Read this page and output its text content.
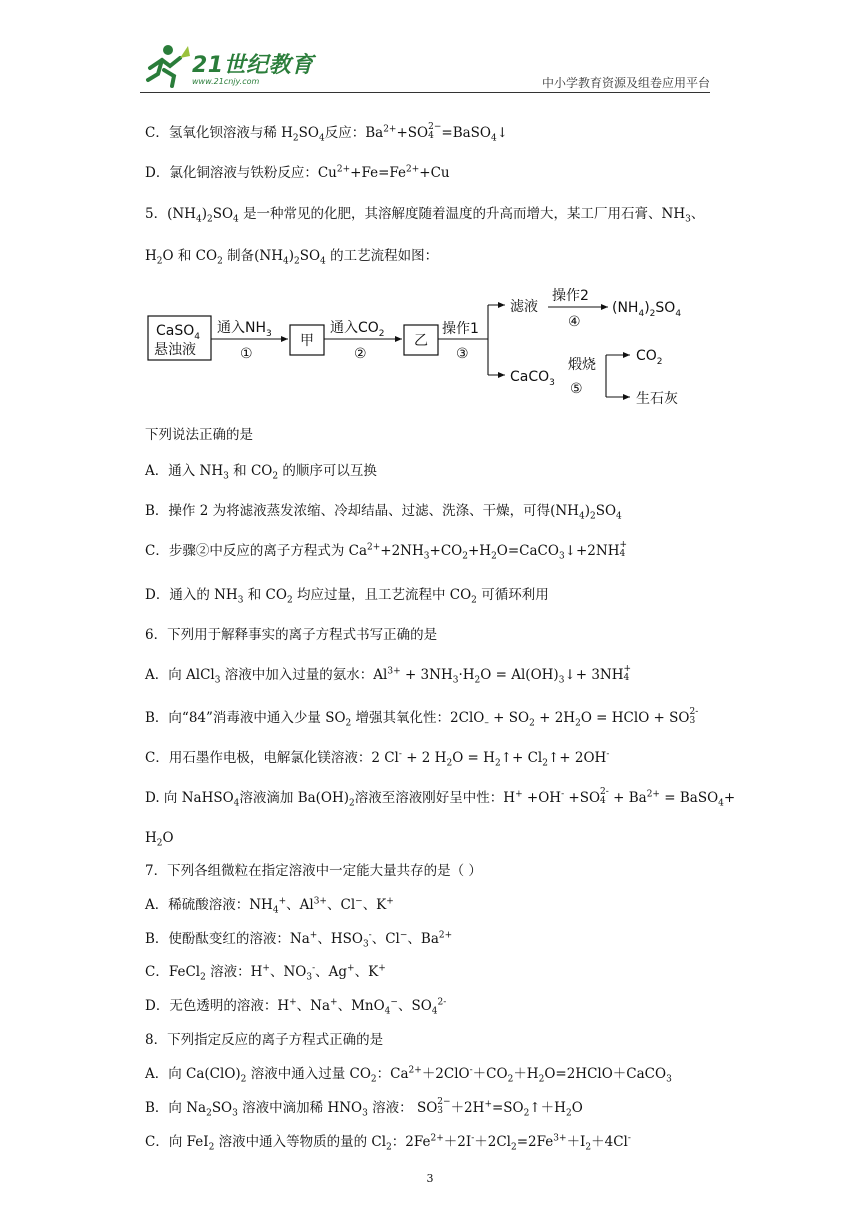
21世纪教育
www.21cnjy.com	中小学教育资源及组卷应用平台
C．氢氧化钡溶液与稀 $H_2SO_4$反应：$Ba^{2+}+SO$ 2−
4 =BaSO$_4$↓
D．氯化铜溶液与铁粉反应：$Cu^{2+}+Fe=Fe^{2+}+Cu$
5．$(NH_4)_2SO_4$ 是一种常见的化肥，其溶解度随着温度的升高而增大，某工厂用石膏、$NH_3$、
$H_2O$ 和 $CO_2$ 制备$(NH_4)_2SO_4$ 的工艺流程如图：
CaSO$_4$
悬浊液
通入$NH_3$
①
甲
通入$CO_2$
②
乙
操作1
③
滤液
操作2
④
$(NH_4)_2SO_4$
CaCO$_3$
煅烧
⑤
$CO_2$
生石灰
下列说法正确的是
A．通入 $NH_3$ 和 $CO_2$ 的顺序可以互换
B．操作 2 为将滤液蒸发浓缩、冷却结晶、过滤、洗涤、干燥，可得$(NH_4)_2SO_4$
C．步骤②中反应的离子方程式为 $Ca^{2+}+2NH_3+CO_2+H_2O=CaCO_3↓+2NH$ +
4
D．通入的 $NH_3$ 和 $CO_2$ 均应过量，且工艺流程中 $CO_2$ 可循环利用
6．下列用于解释事实的离子方程式书写正确的是
A．向 AlCl$_3$ 溶液中加入过量的氨水：$Al^{3+} + 3NH_3\cdot H_2O$ = $Al(OH)_3↓+ 3NH$ +
4
B．向“84”消毒液中通入少量 $SO_2$ 增强其氧化性：$2ClO_- + SO_2 + 2H_2O$ = HClO + SO 2-
3
C．用石墨作电极，电解氯化镁溶液：2 Cl- + 2 $H_2O$ = $H_2↑+$ $Cl_2↑+ 2OH^-$
D. 向 NaHSO$_4$溶液滴加 $Ba(OH)_2$溶液至溶液刚好呈中性：H+ +OH- +SO 2-
$4 + Ba^{2+}$ = BaSO$_4$+
$H_2O$
7．下列各组微粒在指定溶液中一定能大量共存的是（ ）
A．稀硫酸溶液：$NH_4^+$、$Al^{3+}$、Cl−、K+
B．使酚酞变红的溶液：Na+、$HSO_3^-$、Cl−、$Ba^{2+}$
C．FeCl$_2$ 溶液：H+、$NO_3^-$、Ag+、K+
D．无色透明的溶液：H+、Na+、MnO$_4$−、$SO_4^{2-}$
8．下列指定反应的离子方程式正确的是
A．向 $Ca(ClO)_2$ 溶液中通入过量 $CO_2$：$Ca^{2+}+2ClO^-+CO_2+H_2O=2HClO+CaCO_3$
B．向 $Na_2SO_3$ 溶液中滴加稀 $HNO_3$ 溶液： SO 2−
$3 +2H^+=SO_2↑+H_2O$
C．向 FeI$_2$ 溶液中通入等物质的量的 $Cl_2$：$2Fe^{2+}+2I^-+2Cl_2=2Fe^{3+}+I_2+4Cl^-$
3
